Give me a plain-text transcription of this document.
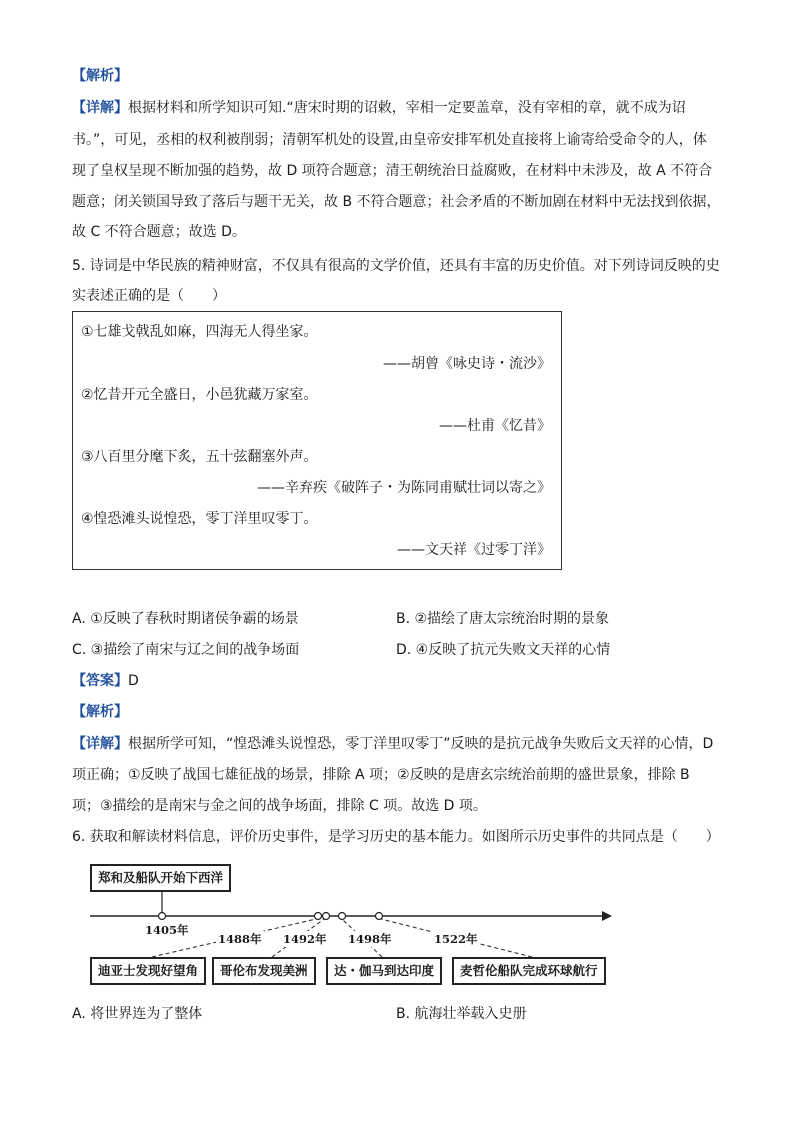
【解析】
【详解】根据材料和所学知识可知.“唐宋时期的诏敕，宰相一定要盖章，没有宰相的章，就不成为诏
书。”，可见，丞相的权利被削弱；清朝军机处的设置,由皇帝安排军机处直接将上谕寄给受命令的人，体
现了皇权呈现不断加强的趋势，故 D 项符合题意；清王朝统治日益腐败，在材料中未涉及，故 A 不符合
题意；闭关锁国导致了落后与题干无关，故 B 不符合题意；社会矛盾的不断加剧在材料中无法找到依据，
故 C 不符合题意；故选 D。
5. 诗词是中华民族的精神财富，不仅具有很高的文学价值，还具有丰富的历史价值。对下列诗词反映的史
实表述正确的是（　　）
①七雄戈戟乱如麻，四海无人得坐家。
——胡曾《咏史诗・流沙》
②忆昔开元全盛日，小邑犹藏万家室。
——杜甫《忆昔》
③八百里分麾下炙，五十弦翻塞外声。
——辛弃疾《破阵子・为陈同甫赋壮词以寄之》
④惶恐滩头说惶恐，零丁洋里叹零丁。
——文天祥《过零丁洋》
A. ①反映了春秋时期诸侯争霸的场景	B. ②描绘了唐太宗统治时期的景象
C. ③描绘了南宋与辽之间的战争场面	D. ④反映了抗元失败文天祥的心情
【答案】D
【解析】
【详解】根据所学可知，“惶恐滩头说惶恐，零丁洋里叹零丁”反映的是抗元战争失败后文天祥的心情，D
项正确；①反映了战国七雄征战的场景，排除 A 项；②反映的是唐玄宗统治前期的盛世景象，排除 B
项；③描绘的是南宋与金之间的战争场面，排除 C 项。故选 D 项。
6. 获取和解读材料信息，评价历史事件，是学习历史的基本能力。如图所示历史事件的共同点是（　　）
郑和及船队开始下西洋
1405年
1488年 1492年 1498年	1522年
迪亚士发现好望角	哥伦布发现美洲	达・伽马到达印度	麦哲伦船队完成环球航行
A. 将世界连为了整体	B. 航海壮举载入史册
